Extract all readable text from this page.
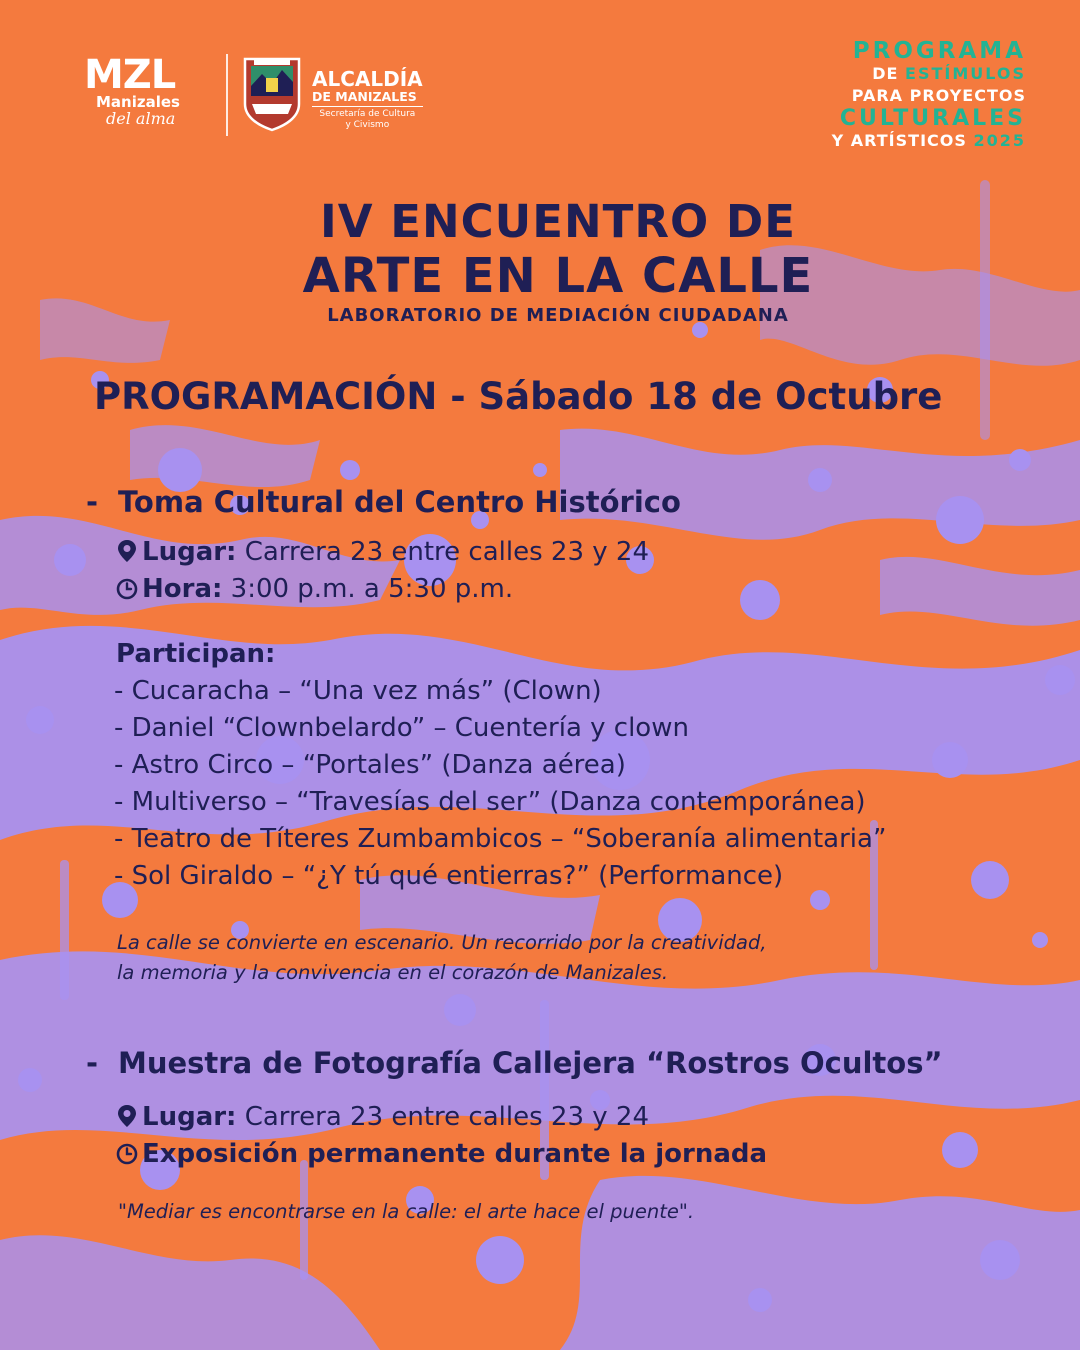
MZL
Manizales
del alma
ALCALDÍA
DE MANIZALES
Secretaría de Cultura
y Civismo
PROGRAMA
DE ESTÍMULOS
PARA PROYECTOS
CULTURALES
Y ARTÍSTICOS 2025
IV ENCUENTRO DE
ARTE EN LA CALLE
LABORATORIO DE MEDIACIÓN CIUDADANA
PROGRAMACIÓN - Sábado 18 de Octubre
- Toma Cultural del Centro Histórico
Lugar: Carrera 23 entre calles 23 y 24
Hora: 3:00 p.m. a 5:30 p.m.
Participan:
- Cucaracha – “Una vez más” (Clown)
- Daniel “Clownbelardo” – Cuentería y clown
- Astro Circo – “Portales” (Danza aérea)
- Multiverso – “Travesías del ser” (Danza contemporánea)
- Teatro de Títeres Zumbambicos – “Soberanía alimentaria”
- Sol Giraldo – “¿Y tú qué entierras?” (Performance)
La calle se convierte en escenario. Un recorrido por la creatividad,
la memoria y la convivencia en el corazón de Manizales.
- Muestra de Fotografía Callejera “Rostros Ocultos”
Lugar: Carrera 23 entre calles 23 y 24
Exposición permanente durante la jornada
"Mediar es encontrarse en la calle: el arte hace el puente".
